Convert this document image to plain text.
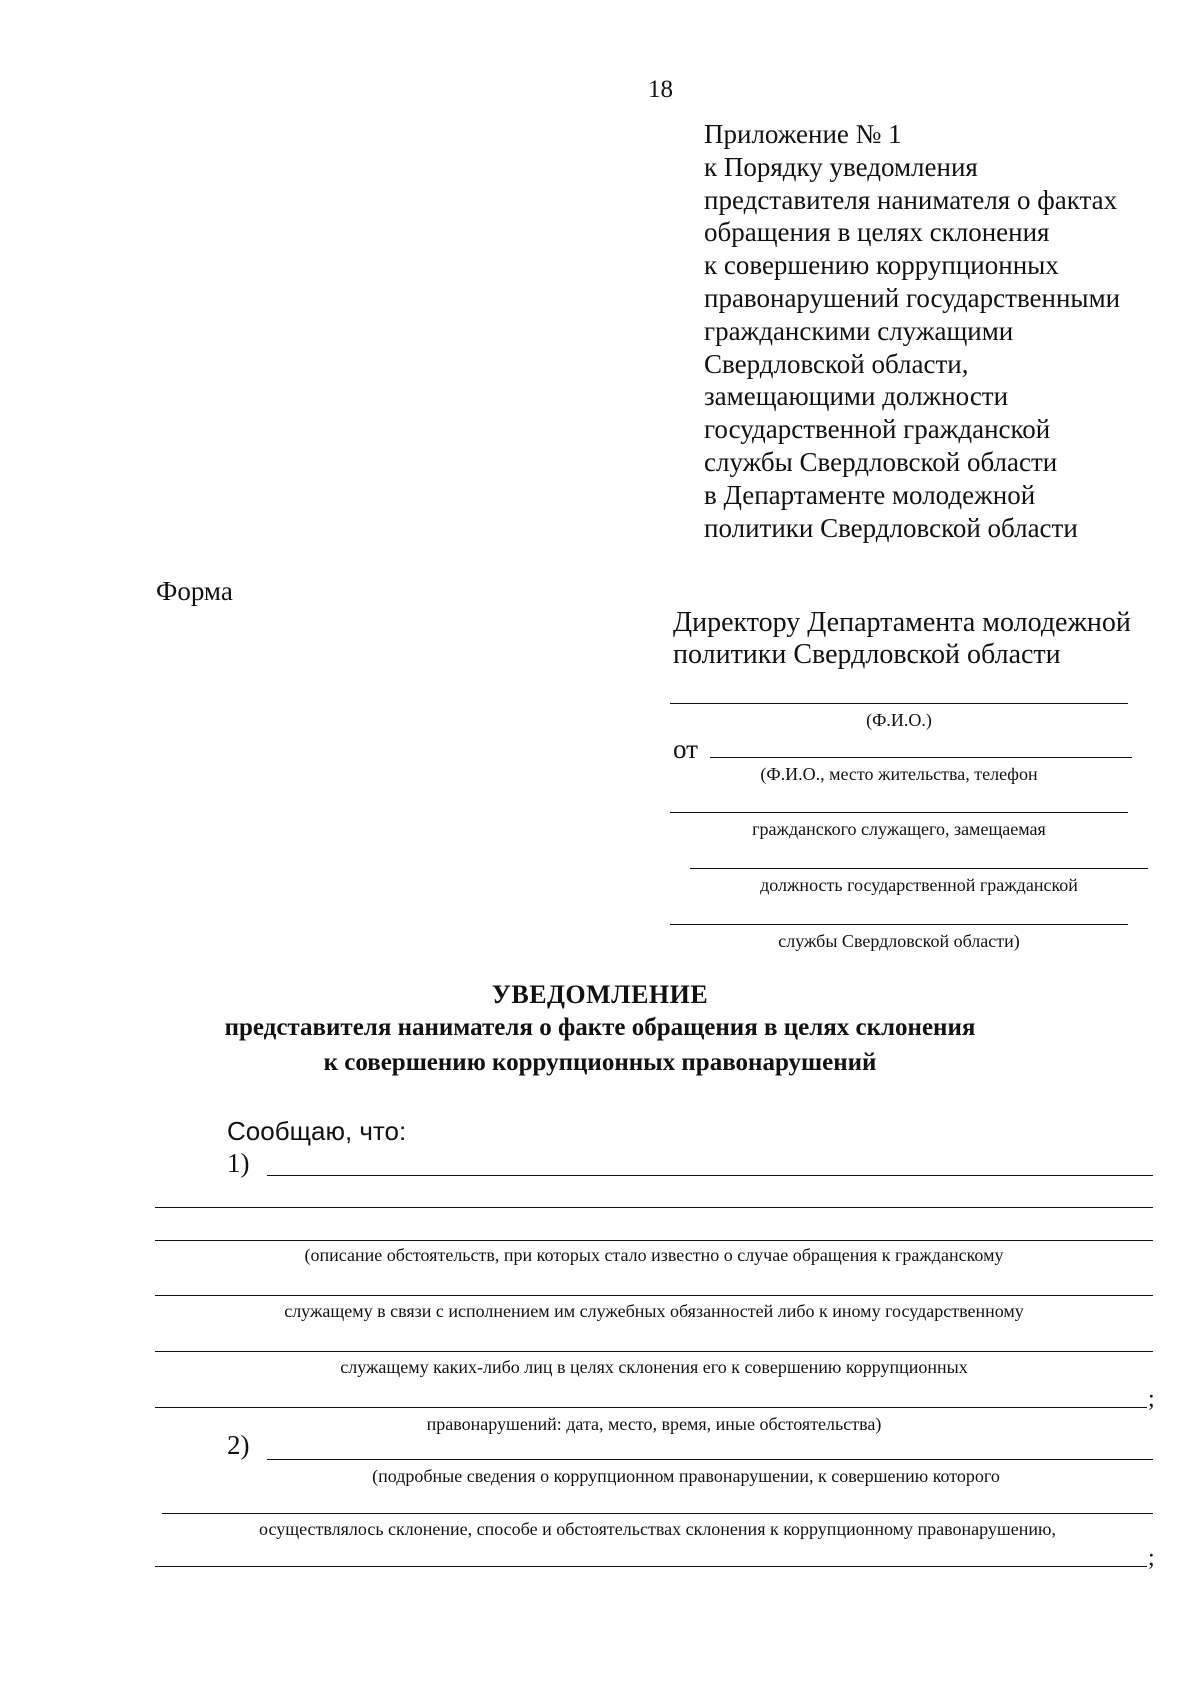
18
Приложение № 1
к Порядку уведомления
представителя нанимателя о фактах
обращения в целях склонения
к совершению коррупционных
правонарушений государственными
гражданскими служащими
Свердловской области,
замещающими должности
государственной гражданской
службы Свердловской области
в Департаменте молодежной
политики Свердловской области
Форма
Директору Департамента молодежной
политики Свердловской области
(Ф.И.О.)
от
(Ф.И.О., место жительства, телефон
гражданского служащего, замещаемая
должность государственной гражданской
службы Свердловской области)
УВЕДОМЛЕНИЕ
представителя нанимателя о факте обращения в целях склонения
к совершению коррупционных правонарушений
Сообщаю, что:
1)
(описание обстоятельств, при которых стало известно о случае обращения к гражданскому
служащему в связи с исполнением им служебных обязанностей либо к иному государственному
служащему каких-либо лиц в целях склонения его к совершению коррупционных
;
правонарушений: дата, место, время, иные обстоятельства)
2)
(подробные сведения о коррупционном правонарушении, к совершению которого
осуществлялось склонение, способе и обстоятельствах склонения к коррупционному правонарушению,
;
